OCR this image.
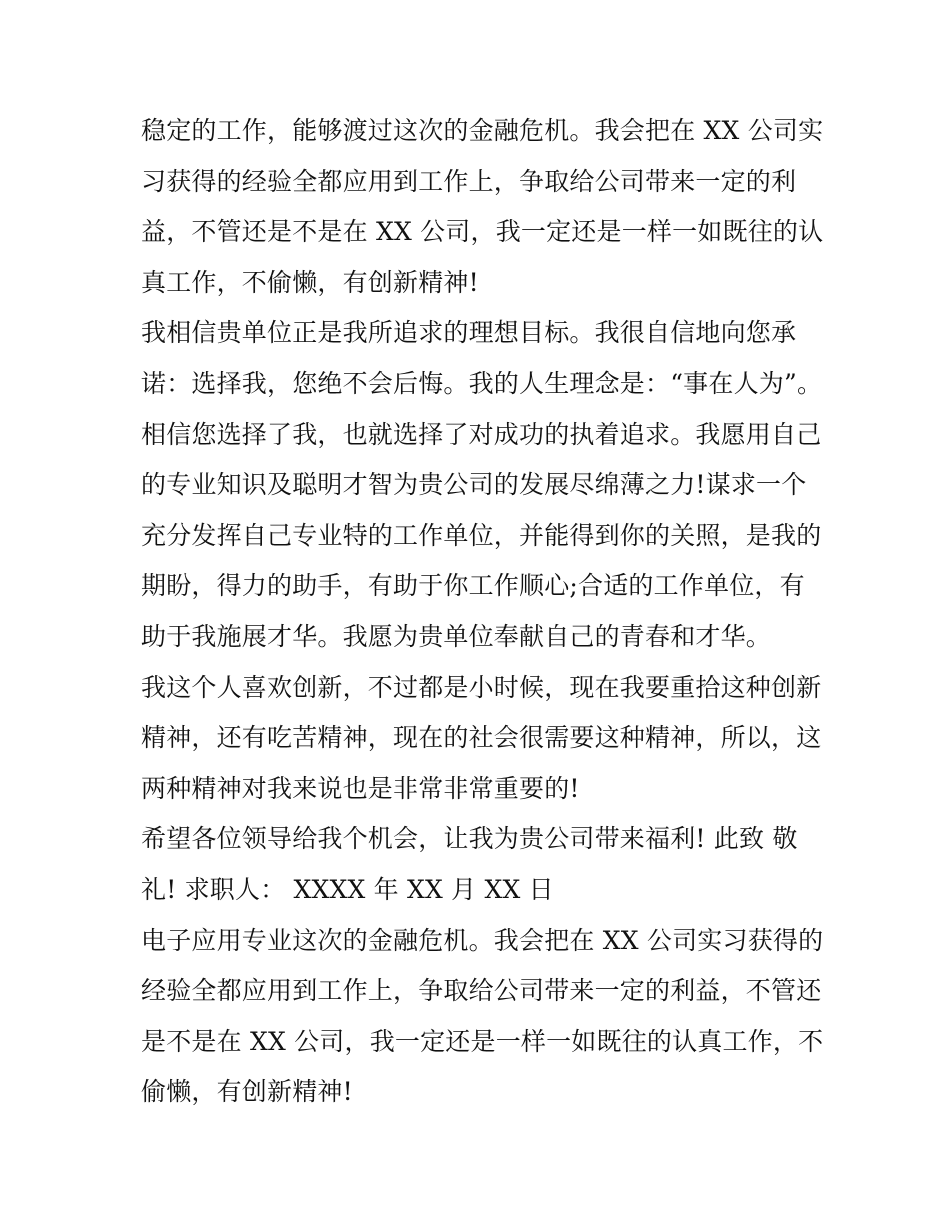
稳定的工作，能够渡过这次的金融危机。我会把在 XX 公司实
习获得的经验全都应用到工作上，争取给公司带来一定的利
益，不管还是不是在 XX 公司，我一定还是一样一如既往的认
真工作，不偷懒，有创新精神!
我相信贵单位正是我所追求的理想目标。我很自信地向您承
诺：选择我，您绝不会后悔。我的人生理念是：“事在人为”。
相信您选择了我，也就选择了对成功的执着追求。我愿用自己
的专业知识及聪明才智为贵公司的发展尽绵薄之力!谋求一个
充分发挥自己专业特的工作单位，并能得到你的关照，是我的
期盼，得力的助手，有助于你工作顺心;合适的工作单位，有
助于我施展才华。我愿为贵单位奉献自己的青春和才华。
我这个人喜欢创新，不过都是小时候，现在我要重拾这种创新
精神，还有吃苦精神，现在的社会很需要这种精神，所以，这
两种精神对我来说也是非常非常重要的!
希望各位领导给我个机会，让我为贵公司带来福利! 此致 敬
礼! 求职人： XXXX 年 XX 月 XX 日
电子应用专业这次的金融危机。我会把在 XX 公司实习获得的
经验全都应用到工作上，争取给公司带来一定的利益，不管还
是不是在 XX 公司，我一定还是一样一如既往的认真工作，不
偷懒，有创新精神!
